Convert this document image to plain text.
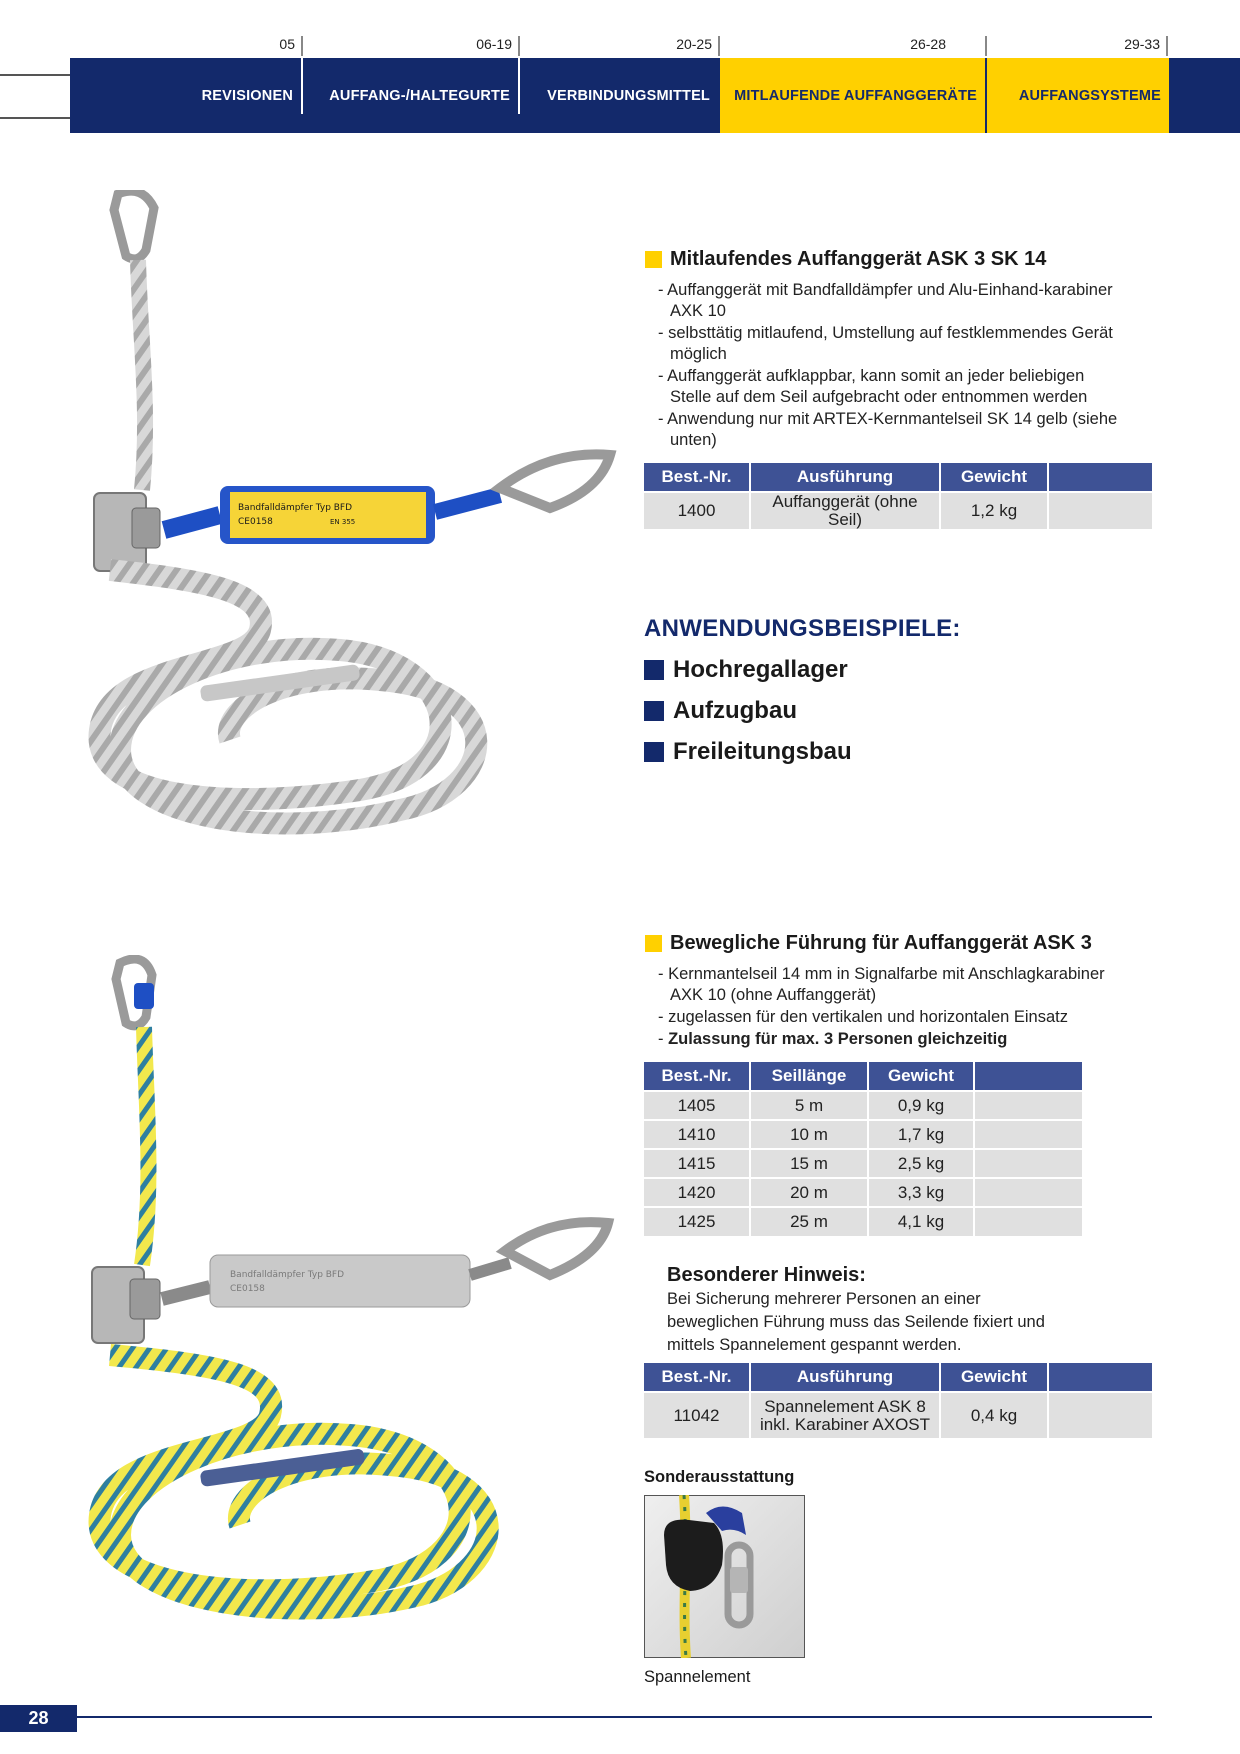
05	06-19	20-25	26-28	29-33
REVISIONEN	AUFFANG-/HALTEGURTE	VERBINDUNGSMITTEL	MITLAUFENDE AUFFANGGERÄTE	AUFFANGSYSTEME
Bandfalldämpfer Typ BFD
CE0158	EN 355
Mitlaufendes Auffanggerät ASK 3 SK 14
- Auffanggerät mit Bandfalldämpfer und Alu-Einhand-karabiner AXK 10
- selbsttätig mitlaufend, Umstellung auf festklemmendes Gerät möglich
- Auffanggerät aufklappbar, kann somit an jeder beliebigen Stelle auf dem Seil aufgebracht oder entnommen werden
- Anwendung nur mit ARTEX-Kernmantelseil SK 14 gelb (siehe unten)
Best.-Nr.	Ausführung	Gewicht	
1400	Auffanggerät (ohne Seil)	1,2 kg	
ANWENDUNGSBEISPIELE:
Hochregallager
Aufzugbau
Freileitungsbau
Bandfalldämpfer Typ BFD
CE0158
Bewegliche Führung für Auffanggerät ASK 3
- Kernmantelseil 14 mm in Signalfarbe mit Anschlagkarabiner AXK 10 (ohne Auffanggerät)
- zugelassen für den vertikalen und horizontalen Einsatz
- Zulassung für max. 3 Personen gleichzeitig
Best.-Nr.	Seillänge	Gewicht	
1405	5 m	0,9 kg	
1410	10 m	1,7 kg	
1415	15 m	2,5 kg	
1420	20 m	3,3 kg	
1425	25 m	4,1 kg	
Besonderer Hinweis:
Bei Sicherung mehrerer Personen an einer beweglichen Führung muss das Seilende fixiert und mittels Spannelement gespannt werden.
Best.-Nr.	Ausführung	Gewicht	
11042	Spannelement ASK 8 inkl. Karabiner AXOST	0,4 kg	
Sonderausstattung
Spannelement
28
